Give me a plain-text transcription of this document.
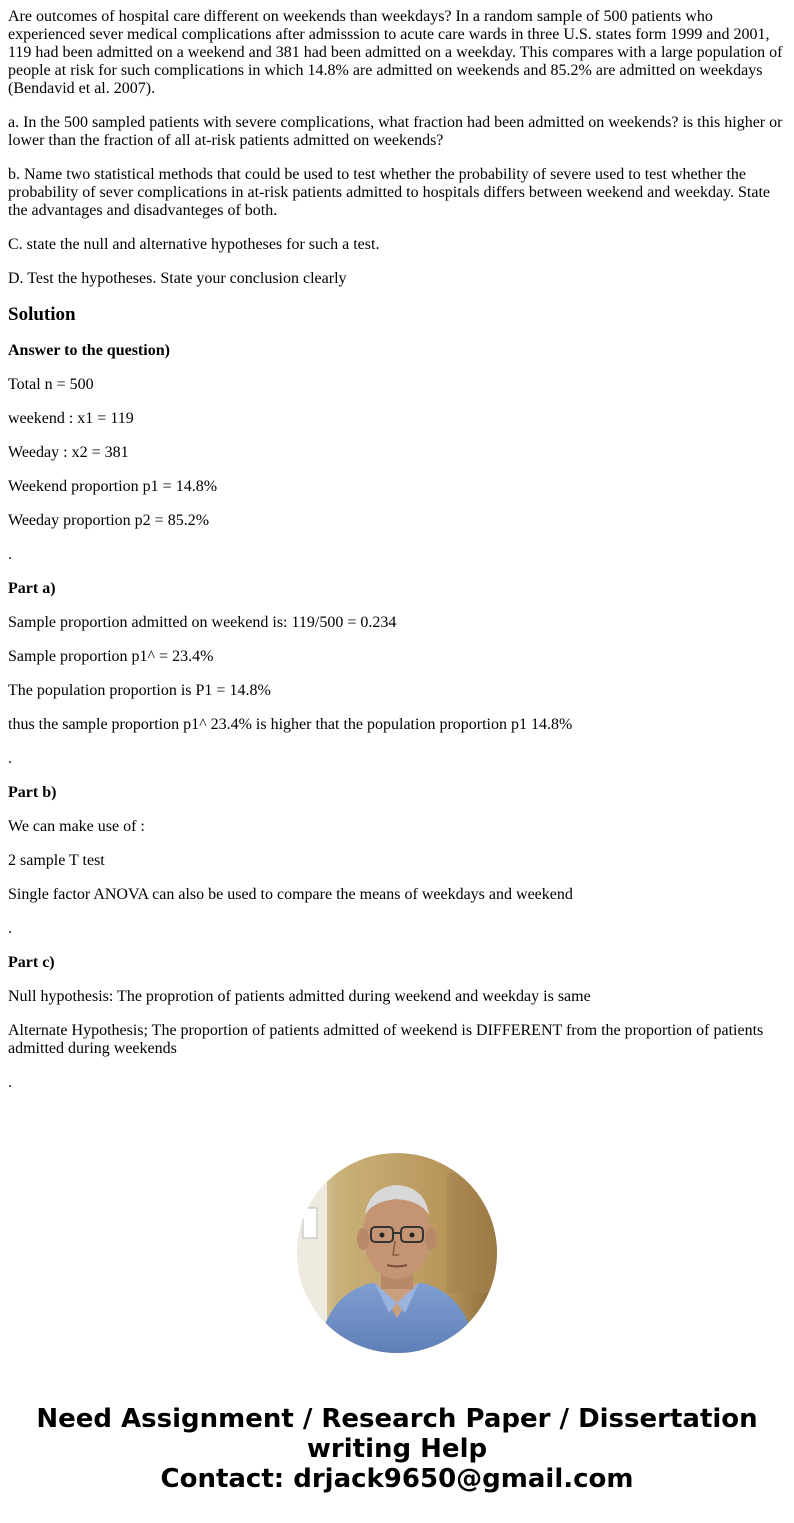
Are outcomes of hospital care different on weekends than weekdays? In a random sample of 500 patients who experienced sever medical complications after admisssion to acute care wards in three U.S. states form 1999 and 2001, 119 had been admitted on a weekend and 381 had been admitted on a weekday. This compares with a large population of people at risk for such complications in which 14.8% are admitted on weekends and 85.2% are admitted on weekdays (Bendavid et al. 2007).

a. In the 500 sampled patients with severe complications, what fraction had been admitted on weekends? is this higher or lower than the fraction of all at-risk patients admitted on weekends?

b. Name two statistical methods that could be used to test whether the probability of severe used to test whether the probability of sever complications in at-risk patients admitted to hospitals differs between weekend and weekday. State the advantages and disadvanteges of both.

C. state the null and alternative hypotheses for such a test.

D. Test the hypotheses. State your conclusion clearly

Solution

Answer to the question)

Total n = 500

weekend : x1 = 119

Weeday : x2 = 381

Weekend proportion p1 = 14.8%

Weeday proportion p2 = 85.2%

.

Part a)

Sample proportion admitted on weekend is: 119/500 = 0.234

Sample proportion p1^ = 23.4%

The population proportion is P1 = 14.8%

thus the sample proportion p1^ 23.4% is higher that the population proportion p1 14.8%

.

Part b)

We can make use of :

2 sample T test

Single factor ANOVA can also be used to compare the means of weekdays and weekend

.

Part c)

Null hypothesis: The proprotion of patients admitted during weekend and weekday is same

Alternate Hypothesis; The proportion of patients admitted of weekend is DIFFERENT from the proportion of patients admitted during weekends

.

Need Assignment / Research Paper / Dissertation
writing Help
Contact: drjack9650@gmail.com
